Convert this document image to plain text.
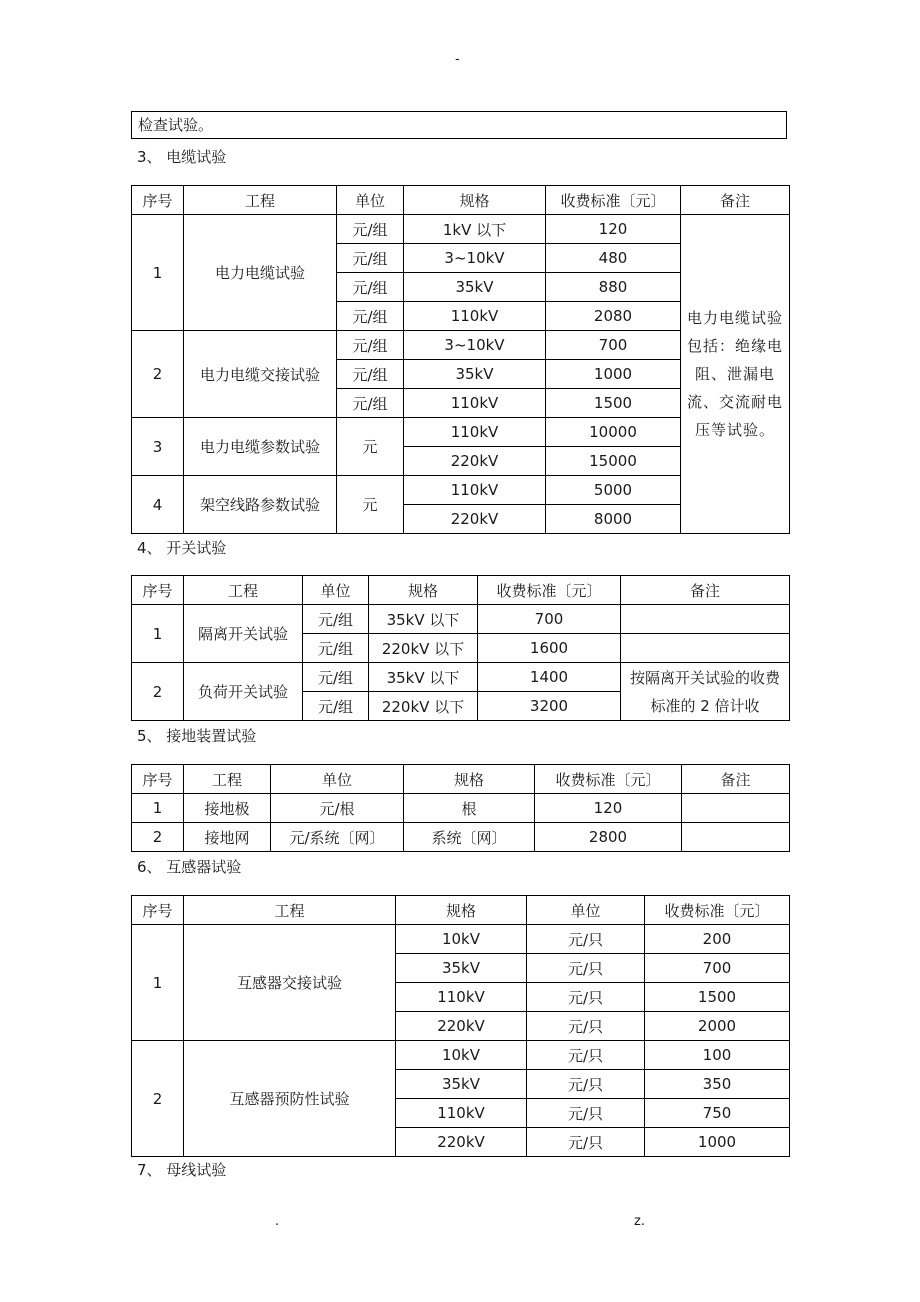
-
检查试验。
3、 电缆试验
序号	工程	单位	规格	收费标准〔元〕	备注
1	电力电缆试验	元/组	1kV 以下	120	电力电缆试验包括：绝缘电阻、泄漏电流、交流耐电压等试验。
		元/组	3~10kV	480	
		元/组	35kV	880	
		元/组	110kV	2080	
2	电力电缆交接试验	元/组	3~10kV	700	
		元/组	35kV	1000	
		元/组	110kV	1500	
3	电力电缆参数试验	元	110kV	10000	
			220kV	15000	
4	架空线路参数试验	元	110kV	5000	
			220kV	8000	
4、 开关试验
序号	工程	单位	规格	收费标准〔元〕	备注
1	隔离开关试验	元/组	35kV 以下	700	
		元/组	220kV 以下	1600	
2	负荷开关试验	元/组	35kV 以下	1400	按隔离开关试验的收费标准的 2 倍计收
		元/组	220kV 以下	3200	
5、 接地装置试验
序号	工程	单位	规格	收费标准〔元〕	备注
1	接地极	元/根	根	120	
2	接地网	元/系统〔网〕	系统〔网〕	2800	
6、 互感器试验
序号	工程	规格	单位	收费标准〔元〕
1	互感器交接试验	10kV	元/只	200
		35kV	元/只	700
		110kV	元/只	1500
		220kV	元/只	2000
2	互感器预防性试验	10kV	元/只	100
		35kV	元/只	350
		110kV	元/只	750
		220kV	元/只	1000
7、 母线试验
.	z.
